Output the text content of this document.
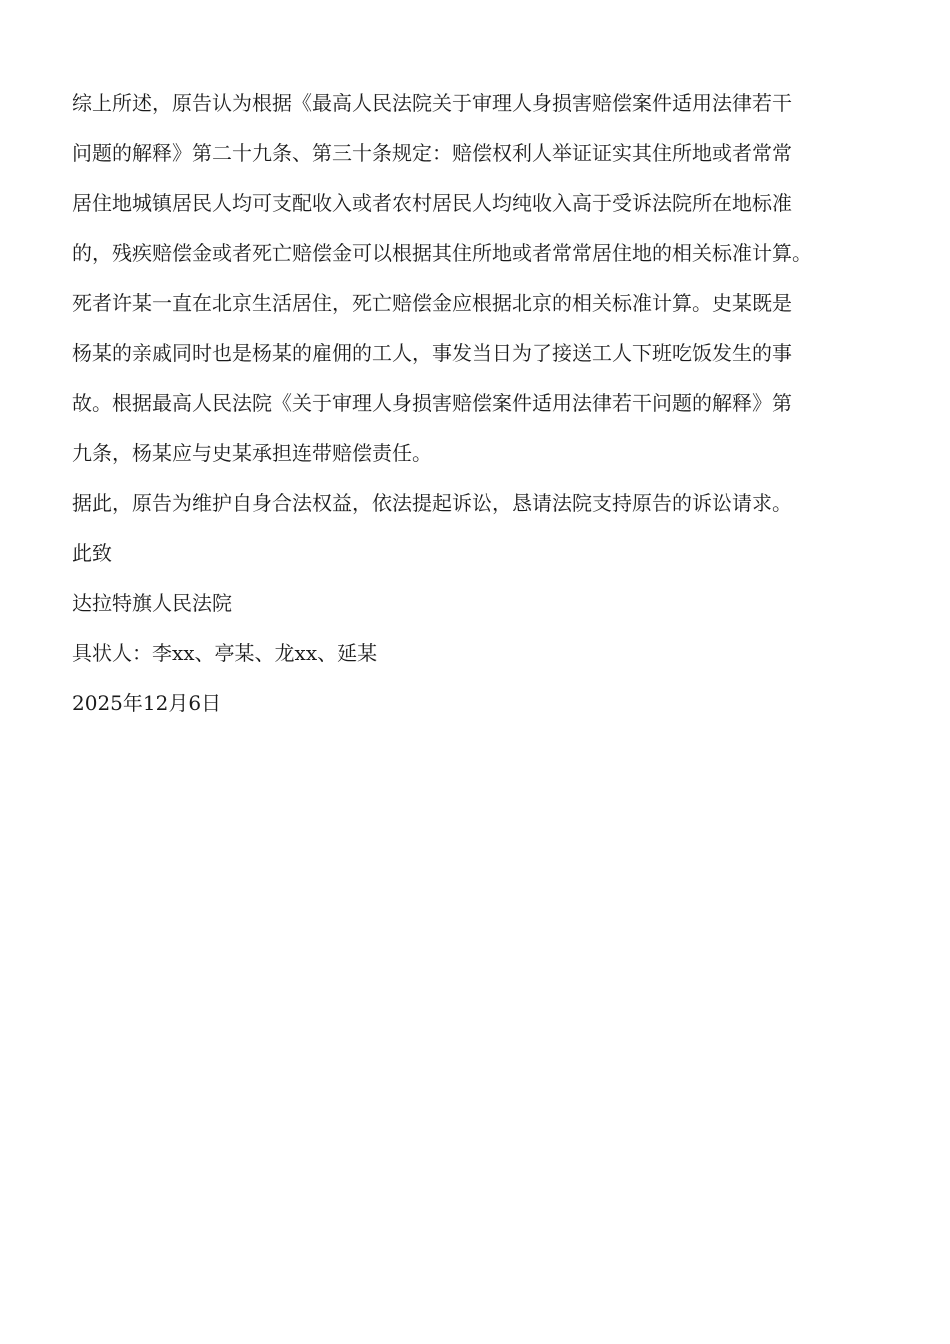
综上所述，原告认为根据《最高人民法院关于审理人身损害赔偿案件适用法律若干

问题的解释》第二十九条、第三十条规定：赔偿权利人举证证实其住所地或者常常

居住地城镇居民人均可支配收入或者农村居民人均纯收入高于受诉法院所在地标准

的，残疾赔偿金或者死亡赔偿金可以根据其住所地或者常常居住地的相关标准计算。

死者许某一直在北京生活居住，死亡赔偿金应根据北京的相关标准计算。史某既是

杨某的亲戚同时也是杨某的雇佣的工人，事发当日为了接送工人下班吃饭发生的事

故。根据最高人民法院《关于审理人身损害赔偿案件适用法律若干问题的解释》第

九条，杨某应与史某承担连带赔偿责任。

据此，原告为维护自身合法权益，依法提起诉讼，恳请法院支持原告的诉讼请求。

此致

达拉特旗人民法院

具状人：李xx、亭某、龙xx、延某

2025年12月6日
